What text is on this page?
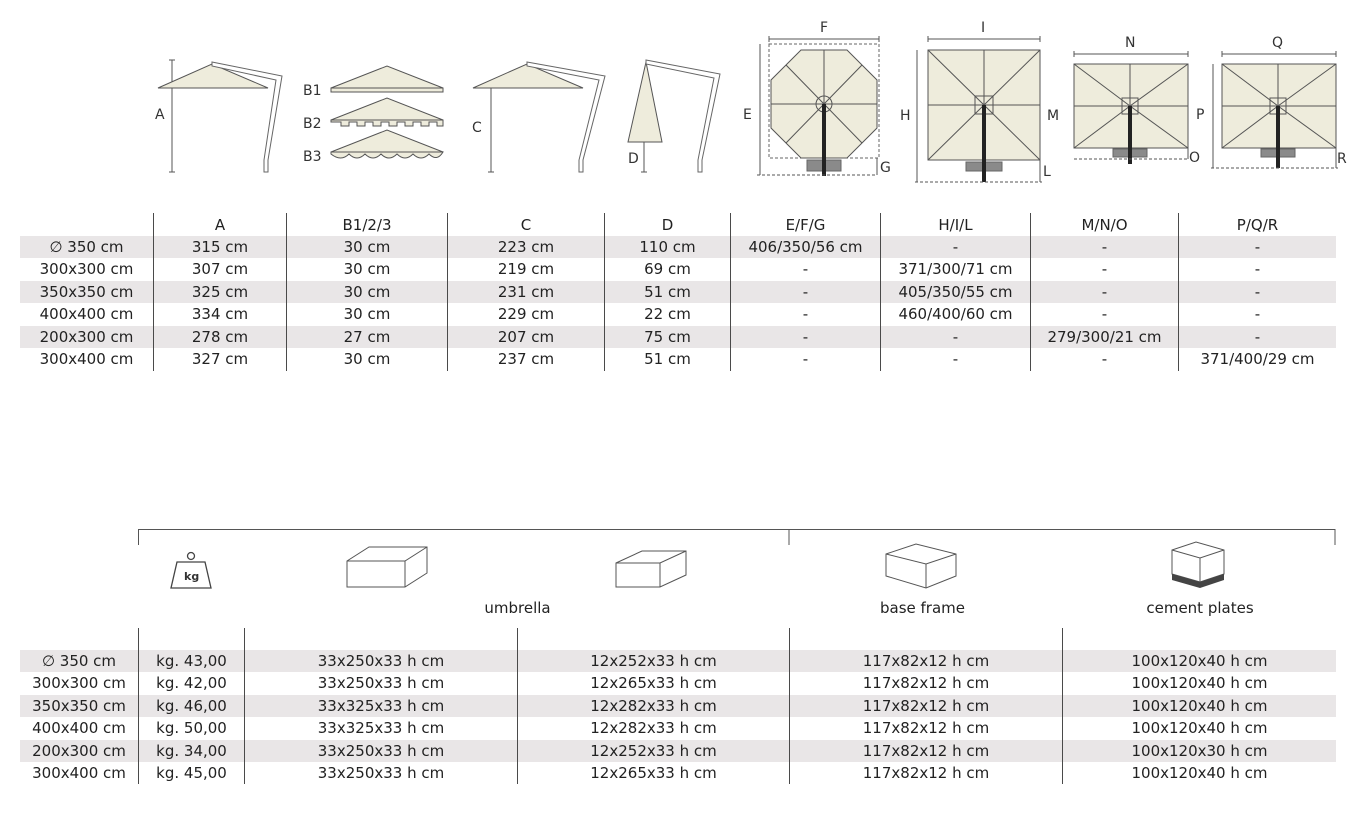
A
B1
B2
B3
C
D
E
F
G
H
I
L
M
N
O
P
Q
R
A	B1/2/3	C	D	E/F/G	H/I/L	M/N/O	P/Q/R
∅ 350 cm	315 cm	30 cm	223 cm	110 cm	406/350/56 cm	-	-	-
300x300 cm	307 cm	30 cm	219 cm	69 cm	-	371/300/71 cm	-	-
350x350 cm	325 cm	30 cm	231 cm	51 cm	-	405/350/55 cm	-	-
400x400 cm	334 cm	30 cm	229 cm	22 cm	-	460/400/60 cm	-	-
200x300 cm	278 cm	27 cm	207 cm	75 cm	-	-	279/300/21 cm	-
300x400 cm	327 cm	30 cm	237 cm	51 cm	-	-	-	371/400/29 cm
kg
umbrella	base frame	cement plates
∅ 350 cm	kg. 43,00	33x250x33 h cm	12x252x33 h cm	117x82x12 h cm	100x120x40 h cm
300x300 cm	kg. 42,00	33x250x33 h cm	12x265x33 h cm	117x82x12 h cm	100x120x40 h cm
350x350 cm	kg. 46,00	33x325x33 h cm	12x282x33 h cm	117x82x12 h cm	100x120x40 h cm
400x400 cm	kg. 50,00	33x325x33 h cm	12x282x33 h cm	117x82x12 h cm	100x120x40 h cm
200x300 cm	kg. 34,00	33x250x33 h cm	12x252x33 h cm	117x82x12 h cm	100x120x30 h cm
300x400 cm	kg. 45,00	33x250x33 h cm	12x265x33 h cm	117x82x12 h cm	100x120x40 h cm
